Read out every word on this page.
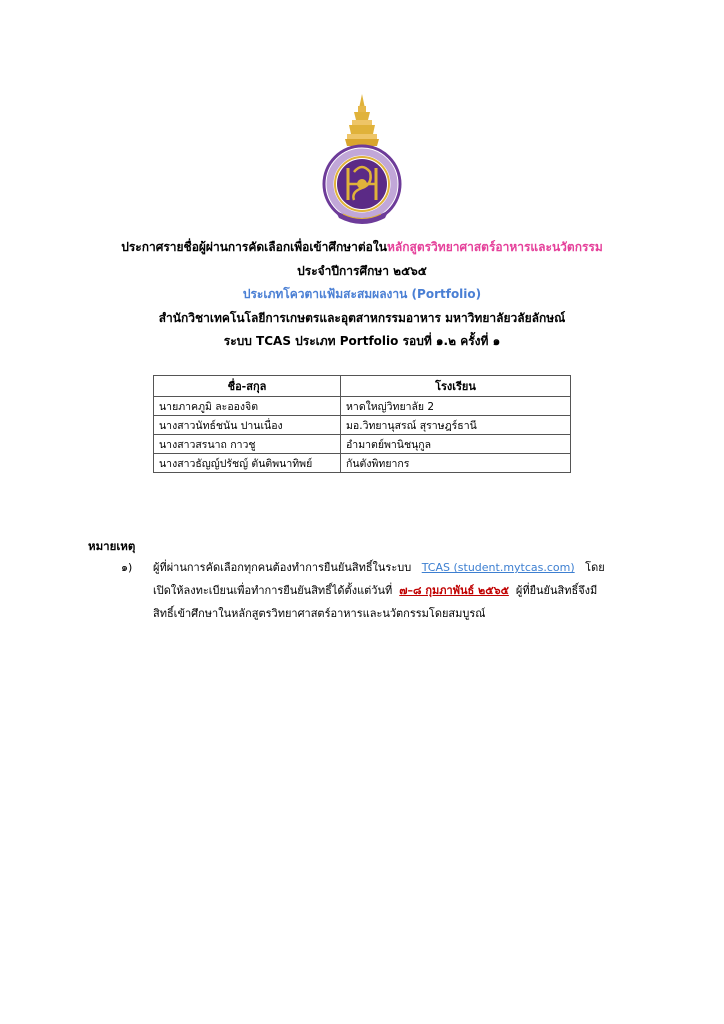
ประกาศรายชื่อผู้ผ่านการคัดเลือกเพื่อเข้าศึกษาต่อในหลักสูตรวิทยาศาสตร์อาหารและนวัตกรรม
ประจำปีการศึกษา ๒๕๖๕
ประเภทโควตาแฟ้มสะสมผลงาน (Portfolio)
สำนักวิชาเทคโนโลยีการเกษตรและอุตสาหกรรมอาหาร มหาวิทยาลัยวลัยลักษณ์
ระบบ TCAS ประเภท Portfolio รอบที่ ๑.๒ ครั้งที่ ๑
ชื่อ-สกุล	โรงเรียน
นายภาคภูมิ ละอองจิต	หาดใหญ่วิทยาลัย 2
นางสาวนัทธ์ชนัน ปานเนื่อง	มอ.วิทยานุสรณ์ สุราษฎร์ธานี
นางสาวสรนาถ กาวชู	อำมาตย์พานิชนุกูล
นางสาวธัญญ์ปรัชญ์ ตันติพนาทิพย์	กันตังพิทยากร
หมายเหตุ
๑) ผู้ที่ผ่านการคัดเลือกทุกคนต้องทำการยืนยันสิทธิ์ในระบบ TCAS (student.mytcas.com) โดย
เปิดให้ลงทะเบียนเพื่อทำการยืนยันสิทธิ์ได้ตั้งแต่วันที่ ๗–๘ กุมภาพันธ์ ๒๕๖๕ ผู้ที่ยืนยันสิทธิ์จึงมี
สิทธิ์เข้าศึกษาในหลักสูตรวิทยาศาสตร์อาหารและนวัตกรรมโดยสมบูรณ์
